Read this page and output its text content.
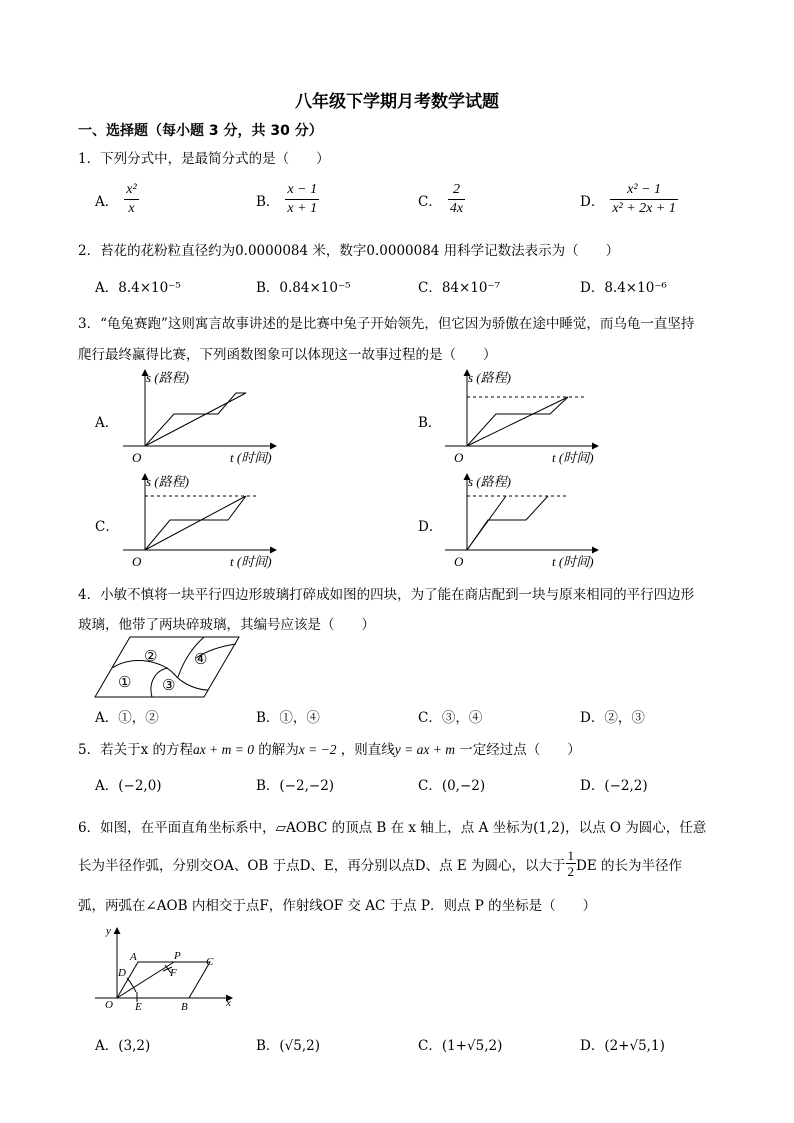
八年级下学期月考数学试题
一、选择题（每小题 3 分，共 30 分）
1．下列分式中，是最简分式的是（　　）
A． $\frac{\text{x²}}{x}$	B． $\frac{x - 1}{x + 1}$	C． $\frac{2}{4x}$	D． $\frac{\text{x² − 1}}{\text{x² + 2x + 1}}$
2．苔花的花粉粒直径约为0.0000084 米，数字0.0000084 用科学记数法表示为（　　）
A．8.4×10⁻⁵	B．0.84×10⁻⁵	C．84×10⁻⁷	D．8.4×10⁻⁶
3．“龟兔赛跑”这则寓言故事讲述的是比赛中兔子开始领先，但它因为骄傲在途中睡觉，而乌龟一直坚持
爬行最终赢得比赛，下列函数图象可以体现这一故事过程的是（　　）
A．	B．
C．	D．
s (路程)
t (时间)
O
s (路程)
t (时间)
O
s (路程)
t (时间)
O
s (路程)
t (时间)
O
4．小敏不慎将一块平行四边形玻璃打碎成如图的四块，为了能在商店配到一块与原来相同的平行四边形
玻璃，他带了两块碎玻璃，其编号应该是（　　）
①
②
③
④
A．①，②	B．①，④	C．③，④	D．②，③
5．若关于x 的方程ax + m = 0 的解为x = −2 ，则直线y = ax + m 一定经过点（　　）
A．(−2,0)	B．(−2,−2)	C．(0,−2)	D．(−2,2)
6．如图，在平面直角坐标系中，▱AOBC 的顶点 B 在 x 轴上，点 A 坐标为(1,2)，以点 O 为圆心，任意
长为半径作弧，分别交OA、OB 于点D、E，再分别以点D、点 E 为圆心，以大于 $\frac{1}{2}$ DE 的长为半径作
弧，两弧在∠AOB 内相交于点F，作射线OF 交 AC 于点 P．则点 P 的坐标是（　　）
y
x
A	P C
D	F
O E	B
A．(3,2)	B．(√5,2)	C．(1+√5,2)	D．(2+√5,1)
